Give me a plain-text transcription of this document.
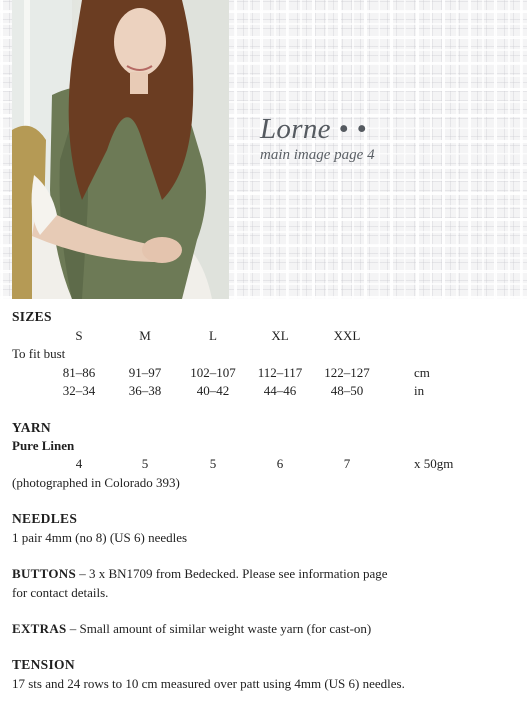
Lorne • •
main image page 4
SIZES
S	M	L	XL	XXL
To fit bust
81–86	91–97	102–107	112–117	122–127	cm
32–34	36–38	40–42	44–46	48–50	in
YARN
Pure Linen
4	5	5	6	7	x 50gm
(photographed in Colorado 393)
NEEDLES
1 pair 4mm (no 8) (US 6) needles
BUTTONS – 3 x BN1709 from Bedecked. Please see information page
for contact details.
EXTRAS – Small amount of similar weight waste yarn (for cast-on)
TENSION
17 sts and 24 rows to 10 cm measured over patt using 4mm (US 6) needles.
